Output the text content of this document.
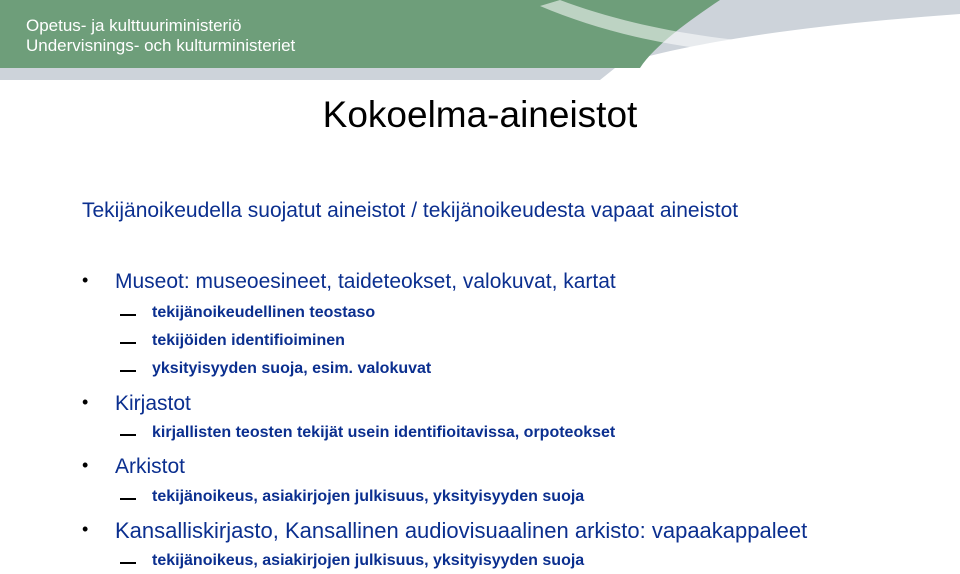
Opetus- ja kulttuuriministeriö
Undervisnings- och kulturministeriet
Kokoelma-aineistot
Tekijänoikeudella suojatut aineistot / tekijänoikeudesta vapaat aineistot
• Museot: museoesineet, taideteokset, valokuvat, kartat
tekijänoikeudellinen teostaso
tekijöiden identifioiminen
yksityisyyden suoja, esim. valokuvat
• Kirjastot
kirjallisten teosten tekijät usein identifioitavissa, orpoteokset
• Arkistot
tekijänoikeus, asiakirjojen julkisuus, yksityisyyden suoja
• Kansalliskirjasto, Kansallinen audiovisuaalinen arkisto: vapaakappaleet
tekijänoikeus, asiakirjojen julkisuus, yksityisyyden suoja
